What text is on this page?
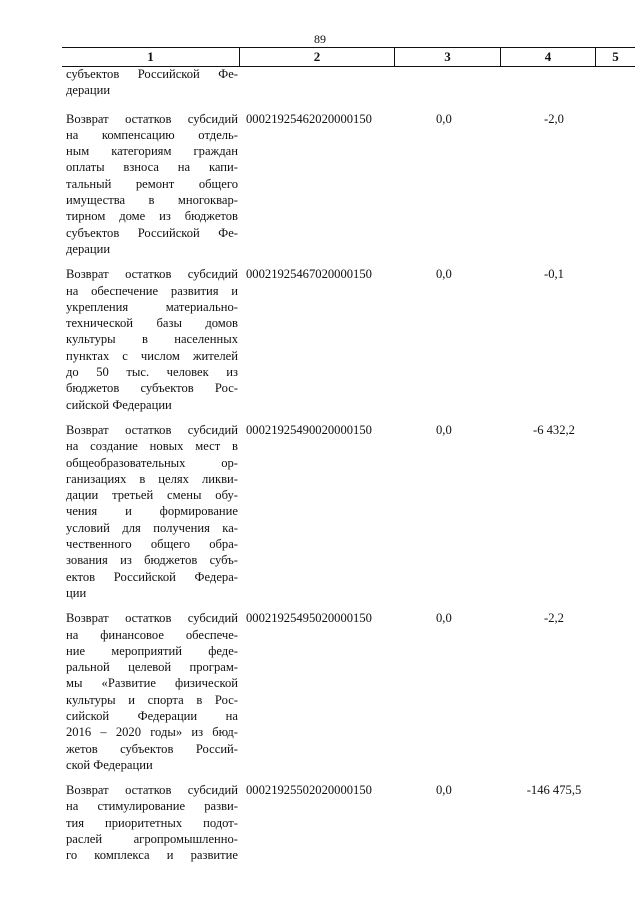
89
1	2	3	4	5
субъектов Российской Фе-
дерации
Возврат остатков субсидий
на компенсацию отдель-
ным категориям граждан
оплаты взноса на капи-
тальный ремонт общего
имущества в многоквар-
тирном доме из бюджетов
субъектов Российской Фе-
дерации
00021925462020000150	0,0	-2,0
Возврат остатков субсидий
на обеспечение развития и
укрепления материально-
технической базы домов
культуры в населенных
пунктах с числом жителей
до 50 тыс. человек из
бюджетов субъектов Рос-
сийской Федерации
00021925467020000150	0,0	-0,1
Возврат остатков субсидий
на создание новых мест в
общеобразовательных ор-
ганизациях в целях ликви-
дации третьей смены обу-
чения и формирование
условий для получения ка-
чественного общего обра-
зования из бюджетов субъ-
ектов Российской Федера-
ции
00021925490020000150	0,0	-6 432,2
Возврат остатков субсидий
на финансовое обеспече-
ние мероприятий феде-
ральной целевой програм-
мы «Развитие физической
культуры и спорта в Рос-
сийской Федерации на
2016 – 2020 годы» из бюд-
жетов субъектов Россий-
ской Федерации
00021925495020000150	0,0	-2,2
Возврат остатков субсидий
на стимулирование разви-
тия приоритетных подот-
раслей агропромышленно-
го комплекса и развитие
00021925502020000150	0,0	-146 475,5
